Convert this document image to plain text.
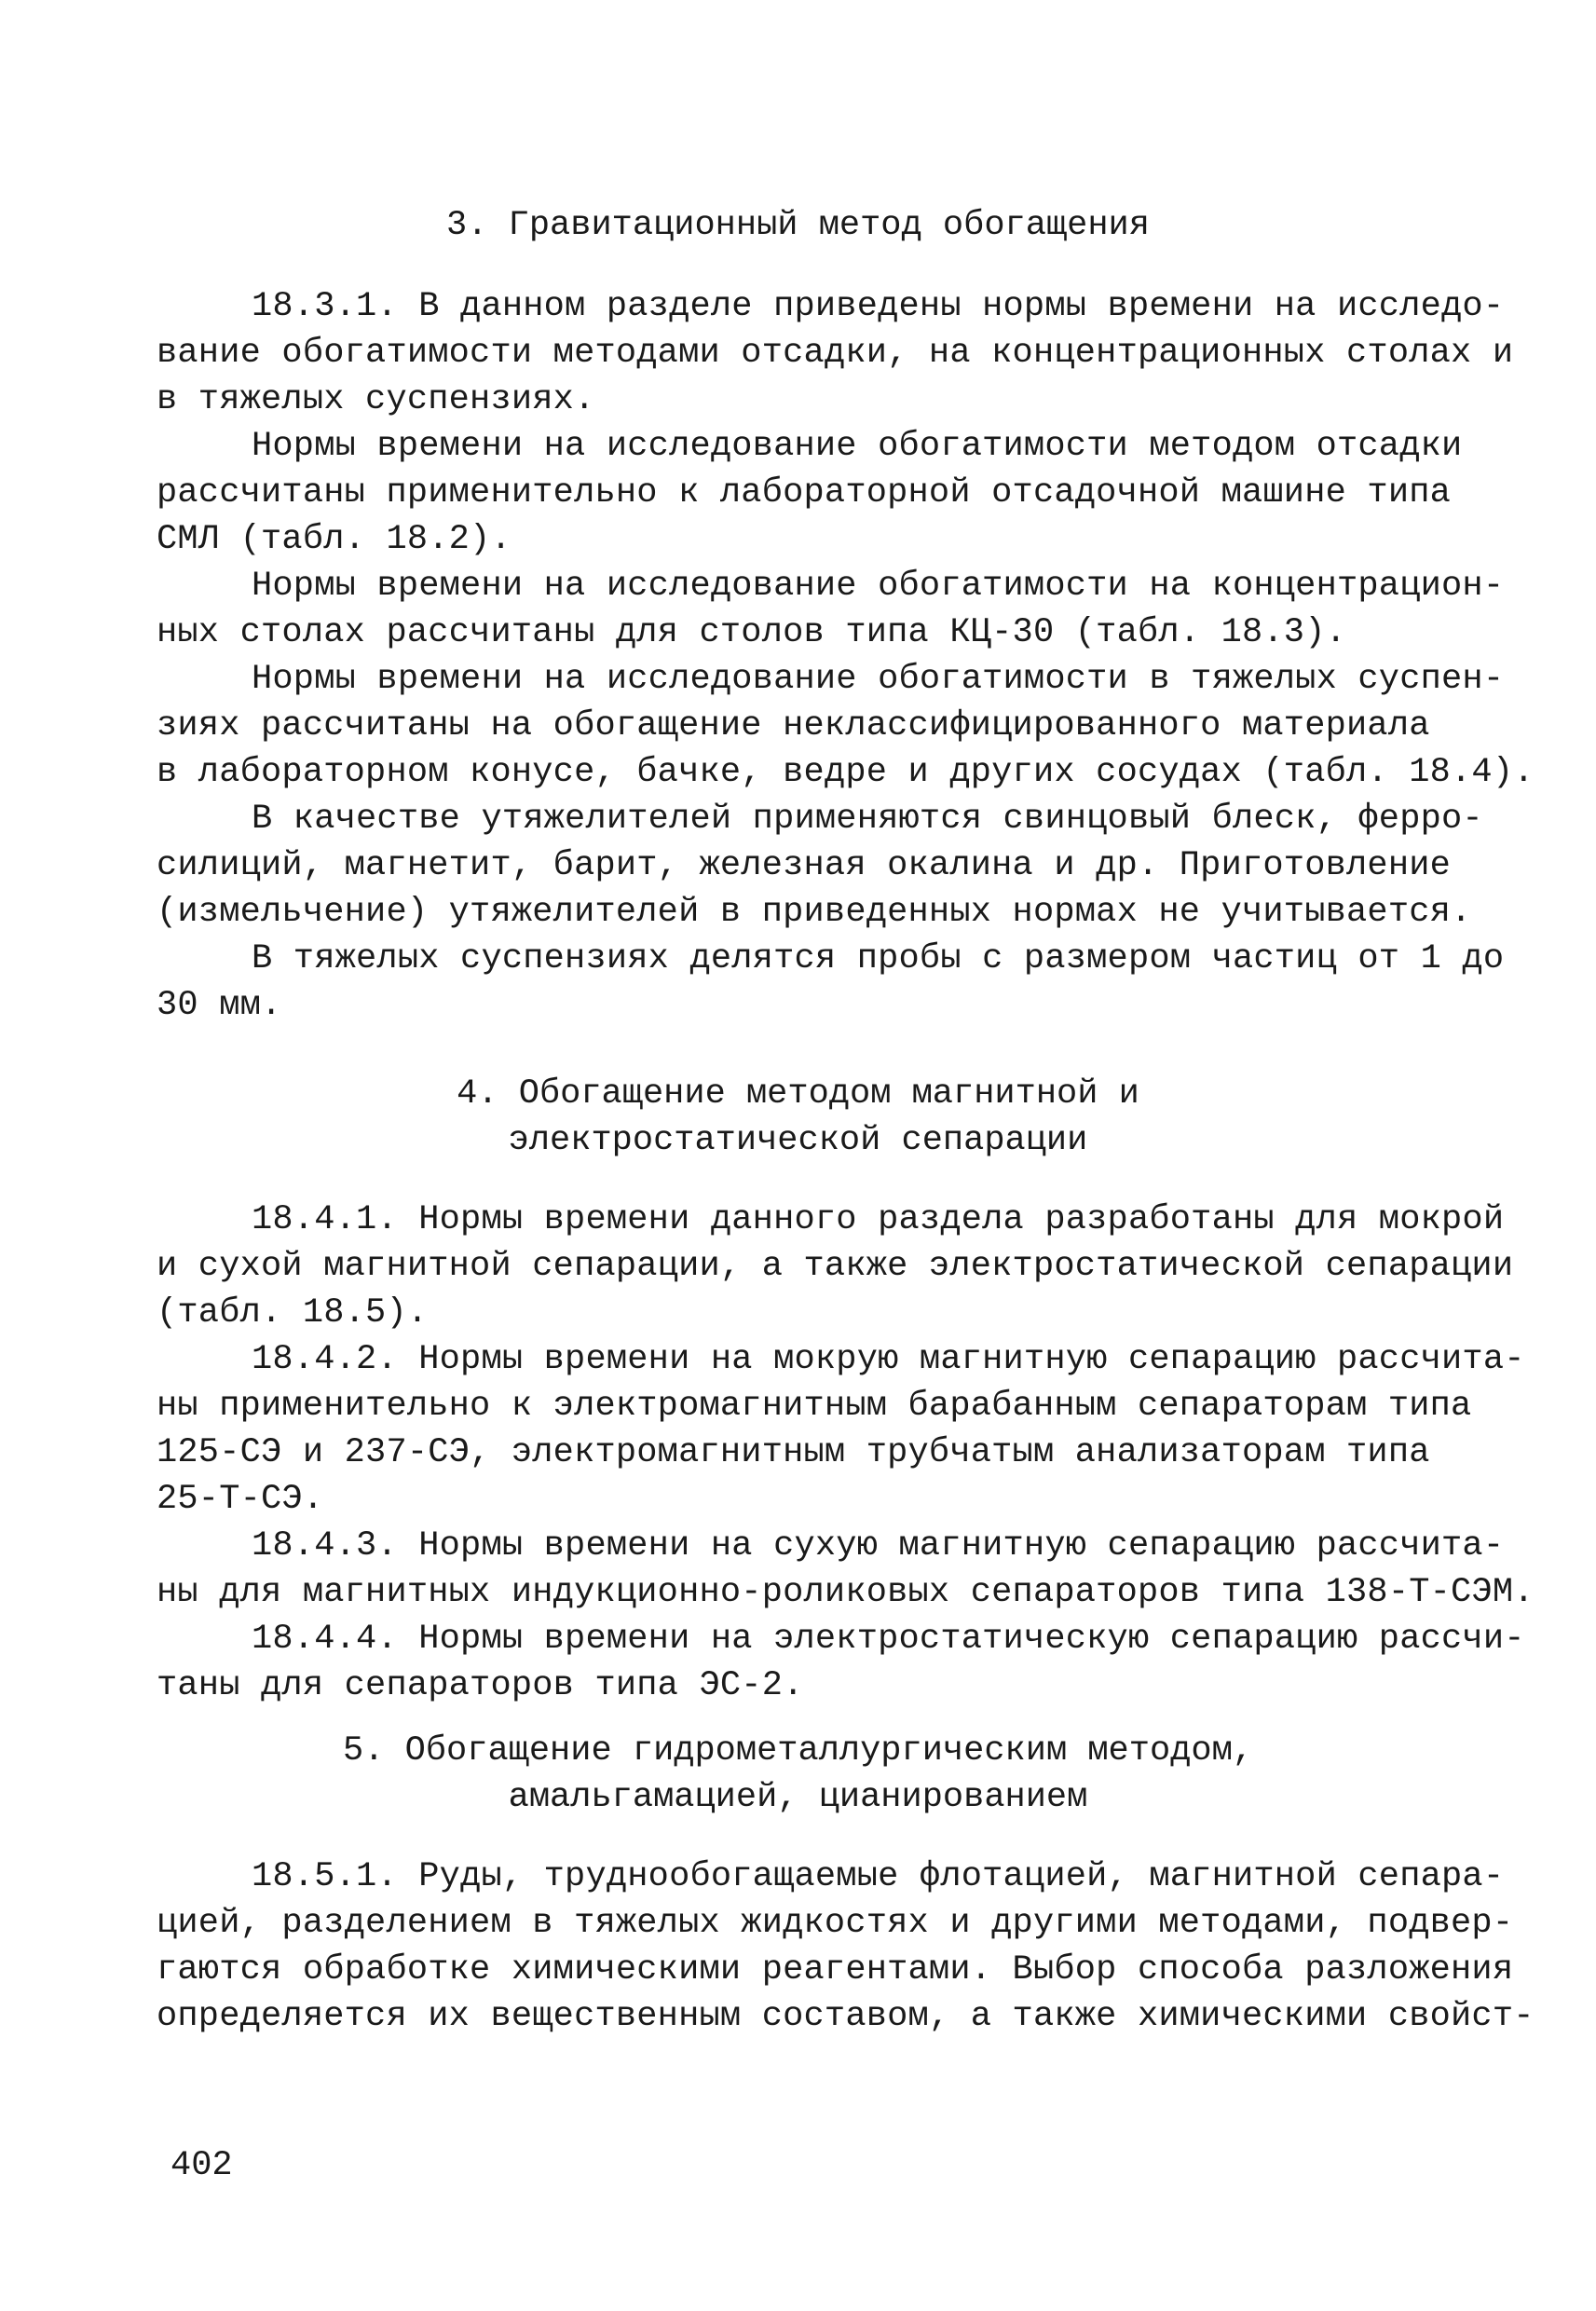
3. Гравитационный метод обогащения
18.3.1. В данном разделе приведены нормы времени на исследо-
вание обогатимости методами отсадки, на концентрационных столах и
в тяжелых суспензиях.
Нормы времени на исследование обогатимости методом отсадки
рассчитаны применительно к лабораторной отсадочной машине типа
СМЛ (табл. 18.2).
Нормы времени на исследование обогатимости на концентрацион-
ных столах рассчитаны для столов типа КЦ-30 (табл. 18.3).
Нормы времени на исследование обогатимости в тяжелых суспен-
зиях рассчитаны на обогащение неклассифицированного материала
в лабораторном конусе, бачке, ведре и других сосудах (табл. 18.4).
В качестве утяжелителей применяются свинцовый блеск, ферро-
силиций, магнетит, барит, железная окалина и др. Приготовление
(измельчение) утяжелителей в приведенных нормах не учитывается.
В тяжелых суспензиях делятся пробы с размером частиц от 1 до
30 мм.
4. Обогащение методом магнитной и
электростатической сепарации
18.4.1. Нормы времени данного раздела разработаны для мокрой
и сухой магнитной сепарации, а также электростатической сепарации
(табл. 18.5).
18.4.2. Нормы времени на мокрую магнитную сепарацию рассчита-
ны применительно к электромагнитным барабанным сепараторам типа
125-СЭ и 237-СЭ, электромагнитным трубчатым анализаторам типа
25-Т-СЭ.
18.4.3. Нормы времени на сухую магнитную сепарацию рассчита-
ны для магнитных индукционно-роликовых сепараторов типа 138-Т-СЭМ.
18.4.4. Нормы времени на электростатическую сепарацию рассчи-
таны для сепараторов типа ЭС-2.
5. Обогащение гидрометаллургическим методом,
амальгамацией, цианированием
18.5.1. Руды, труднообогащаемые флотацией, магнитной сепара-
цией, разделением в тяжелых жидкостях и другими методами, подвер-
гаются обработке химическими реагентами. Выбор способа разложения
определяется их вещественным составом, а также химическими свойст-
402
